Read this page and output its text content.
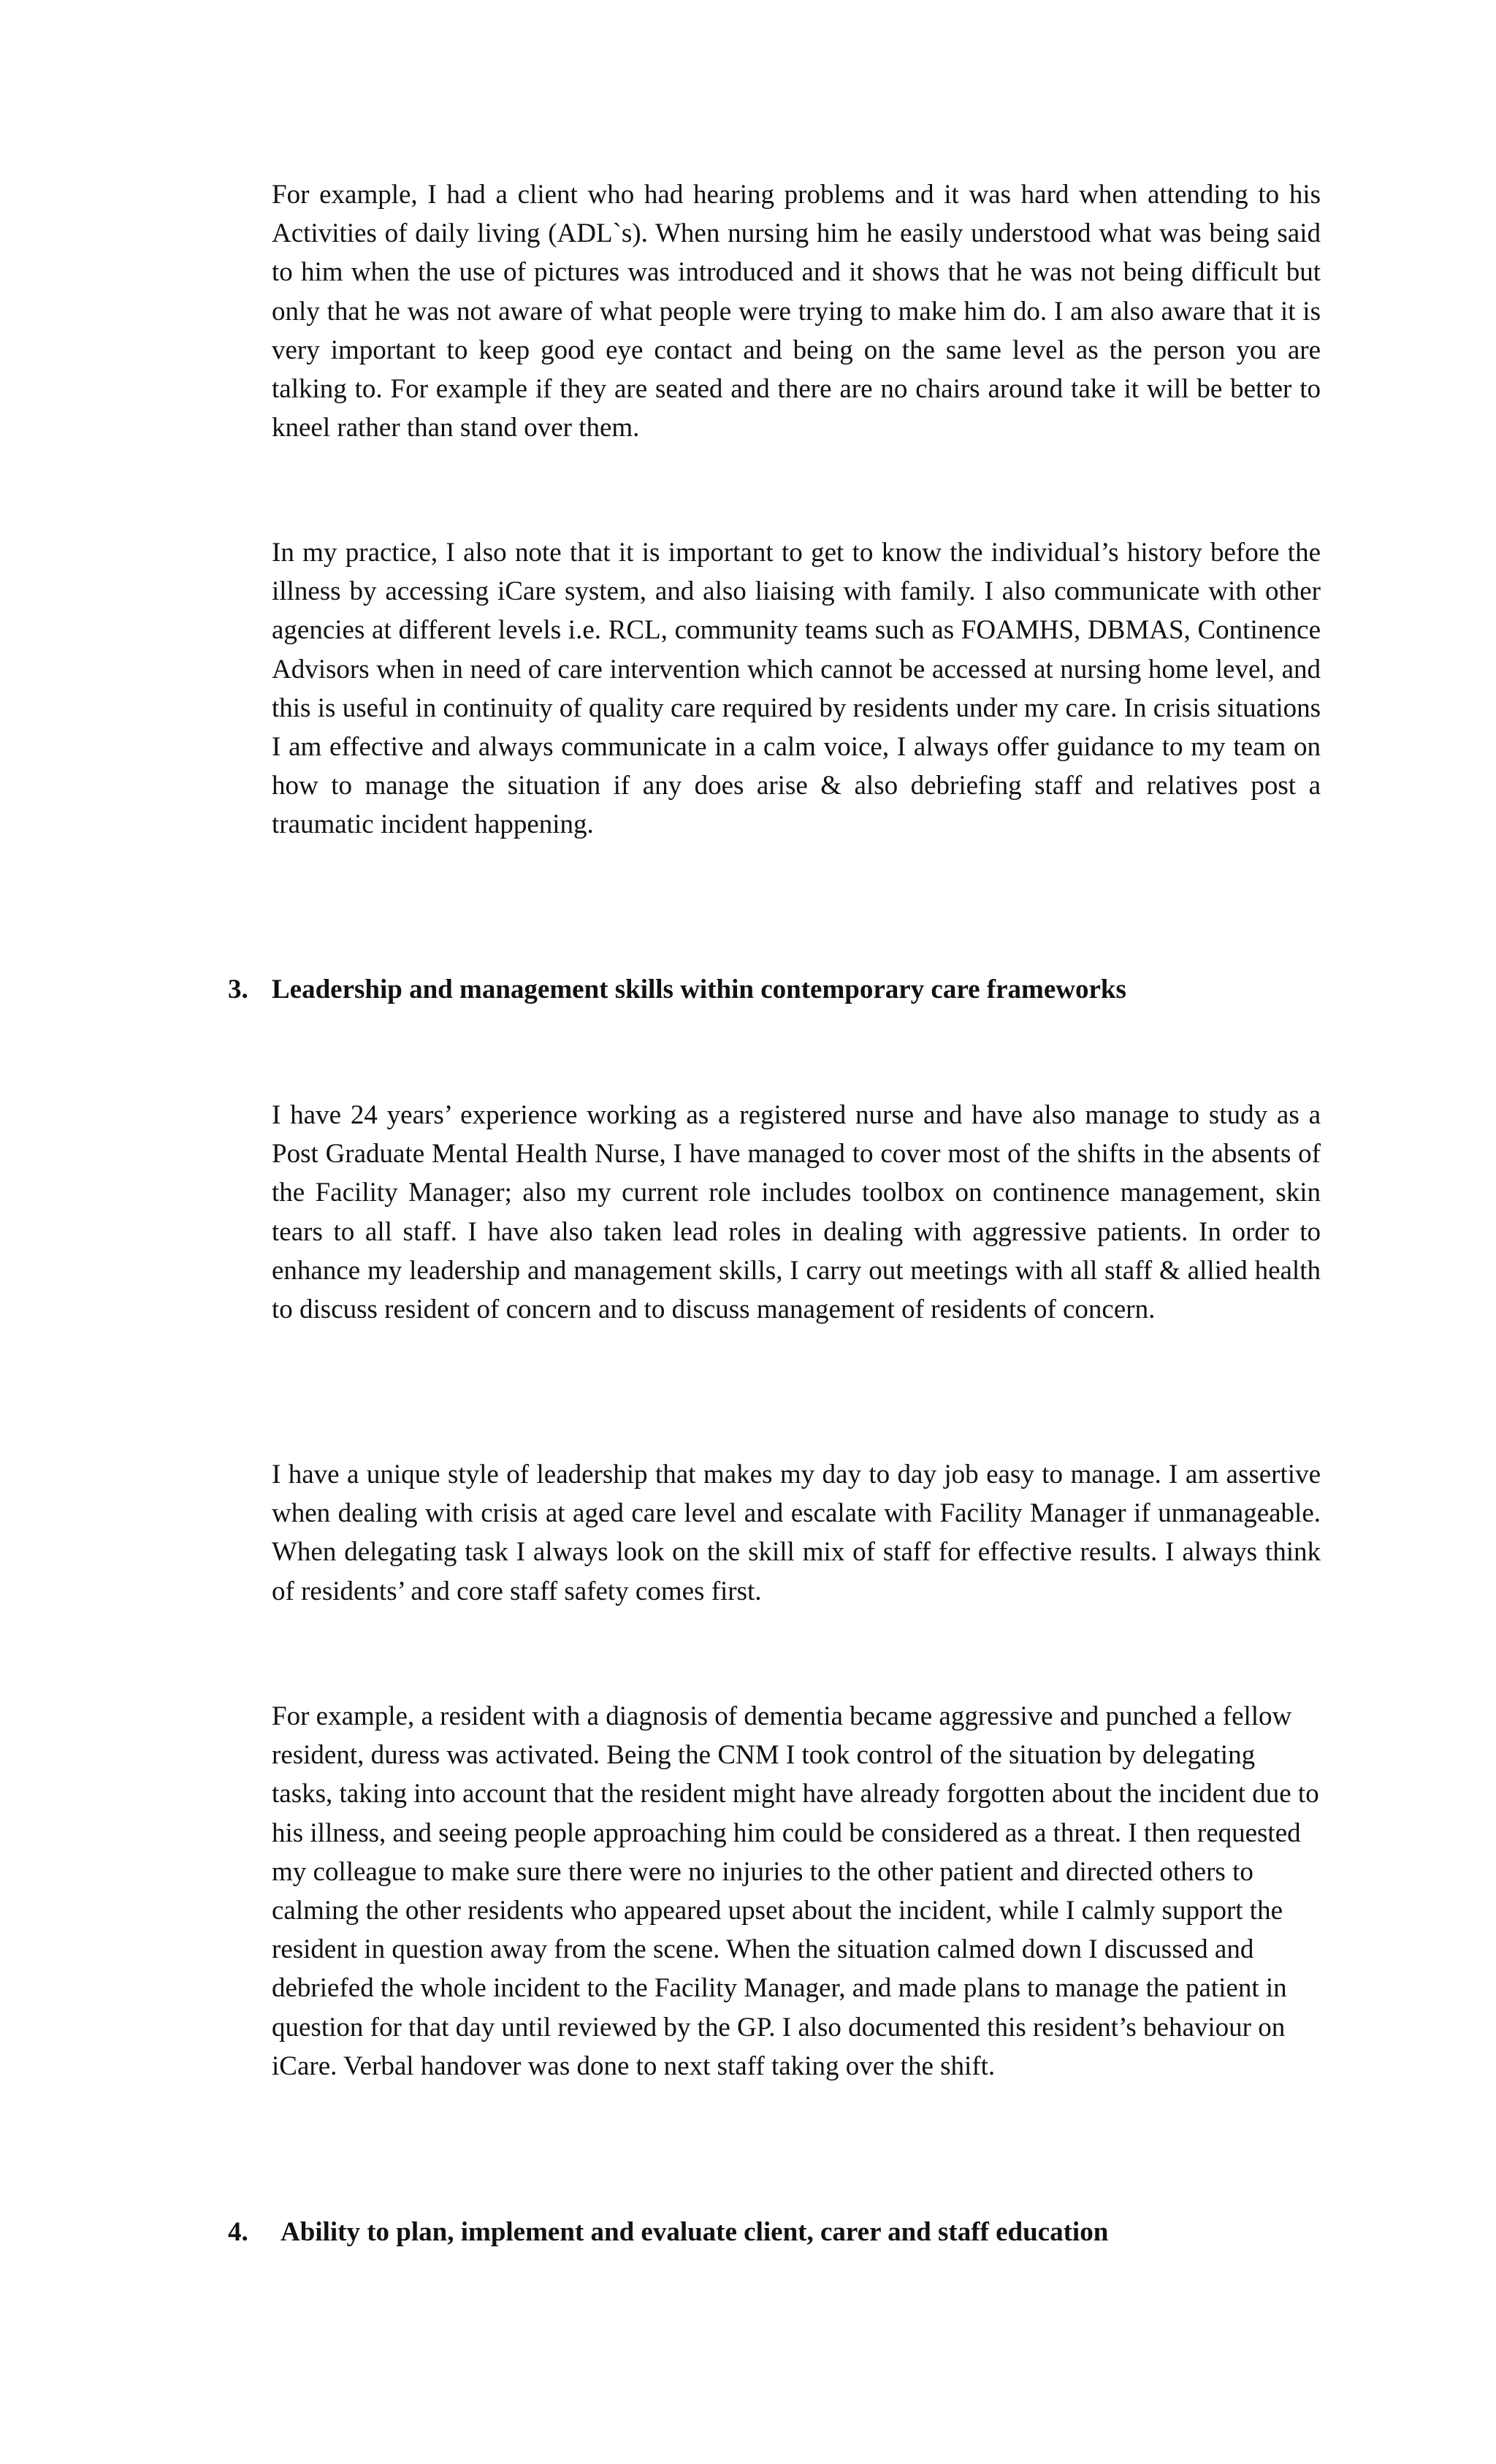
For example, I had a client who had hearing problems and it was hard when attending to his Activities of daily living (ADL`s). When nursing him he easily understood what was being said to him when the use of pictures was introduced and it shows that he was not being difficult but only that he was not aware of what people were trying to make him do. I am also aware that it is very important to keep good eye contact and being on the same level as the person you are talking to. For example if they are seated and there are no chairs around take it will be better to kneel rather than stand over them.

In my practice, I also note that it is important to get to know the individual’s history before the illness by accessing iCare system, and also liaising with family. I also communicate with other agencies at different levels i.e. RCL, community teams such as FOAMHS, DBMAS, Continence Advisors when in need of care intervention which cannot be accessed at nursing home level, and this is useful in continuity of quality care required by residents under my care. In crisis situations I am effective and always communicate in a calm voice, I always offer guidance to my team on how to manage the situation if any does arise & also debriefing staff and relatives post a traumatic incident happening.

3. Leadership and management skills within contemporary care frameworks

I have 24 years’ experience working as a registered nurse and have also manage to study as a Post Graduate Mental Health Nurse, I have managed to cover most of the shifts in the absents of the Facility Manager; also my current role includes toolbox on continence management, skin tears to all staff. I have also taken lead roles in dealing with aggressive patients. In order to enhance my leadership and management skills, I carry out meetings with all staff & allied health to discuss resident of concern and to discuss management of residents of concern.

I have a unique style of leadership that makes my day to day job easy to manage. I am assertive when dealing with crisis at aged care level and escalate with Facility Manager if unmanageable. When delegating task I always look on the skill mix of staff for effective results. I always think of residents’ and core staff safety comes first.

For example, a resident with a diagnosis of dementia became aggressive and punched a fellow resident, duress was activated. Being the CNM I took control of the situation by delegating tasks, taking into account that the resident might have already forgotten about the incident due to his illness, and seeing people approaching him could be considered as a threat. I then requested my colleague to make sure there were no injuries to the other patient and directed others to calming the other residents who appeared upset about the incident, while I calmly support the resident in question away from the scene. When the situation calmed down I discussed and debriefed the whole incident to the Facility Manager, and made plans to manage the patient in question for that day until reviewed by the GP. I also documented this resident’s behaviour on iCare. Verbal handover was done to next staff taking over the shift.

4. Ability to plan, implement and evaluate client, carer and staff education
